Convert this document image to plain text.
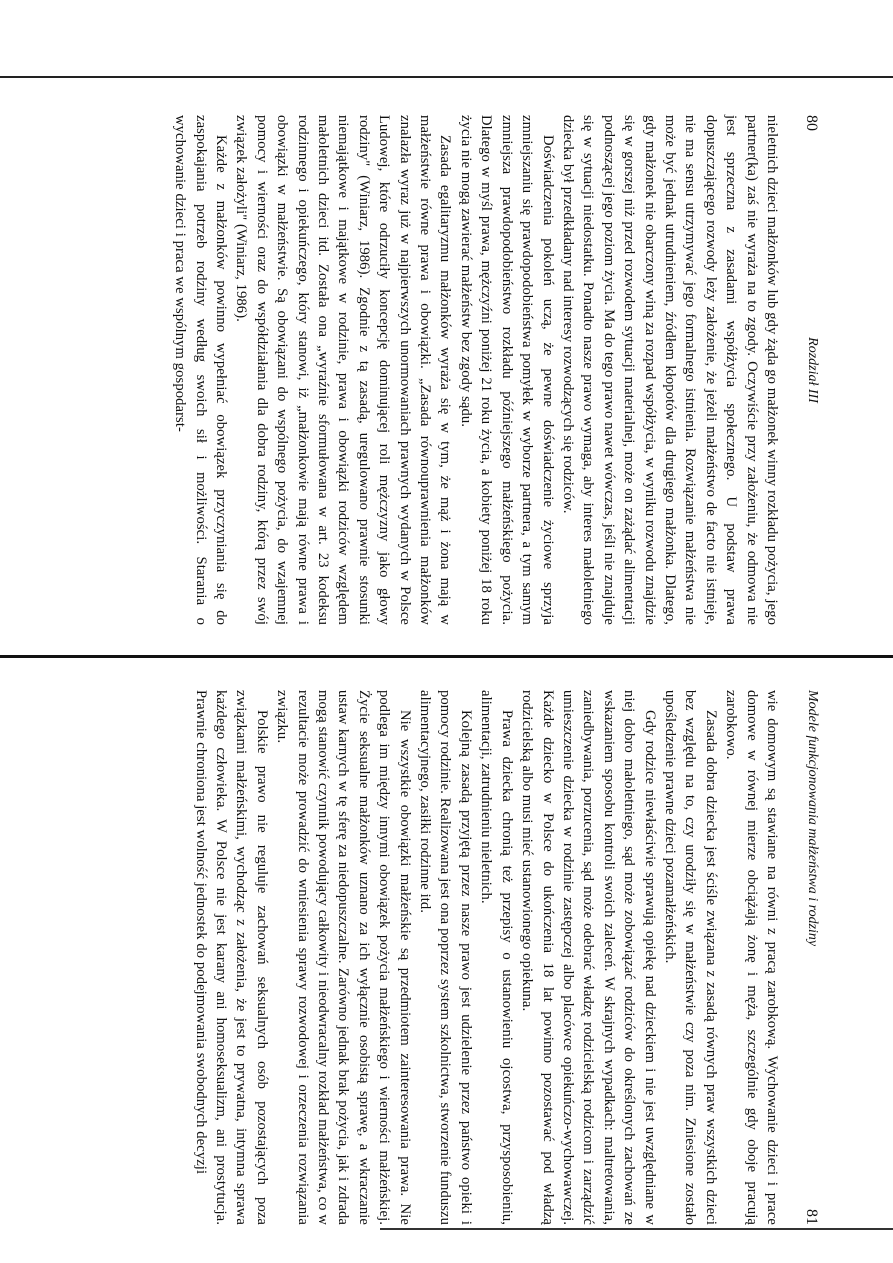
80
Rozdział III

nieletnich dzieci małżonków lub gdy żąda go małżonek winny rozkładu pożycia, jego partner(ka) zaś nie wyraża na to zgody. Oczywiście przy założeniu, że odmowa nie jest sprzeczna z zasadami współżycia społecznego. U podstaw prawa dopuszczającego rozwody leży założenie, że jeżeli małżeństwo de facto nie istnieje, nie ma sensu utrzymywać jego formalnego istnienia. Rozwiązanie małżeństwa nie może być jednak utrudnieniem, źródłem kłopotów dla drugiego małżonka. Dlatego, gdy małżonek nie obarczony winą za rozpad współżycia, w wyniku rozwodu znajdzie się w gorszej niż przed rozwodem sytuacji materialnej, może on zażądać alimentacji podnoszącej jego poziom życia. Ma do tego prawo nawet wówczas, jeśli nie znajduje się w sytuacji niedostatku. Ponadto nasze prawo wymaga, aby interes małoletniego dziecka był przedkładany nad interesy rozwodzących się rodziców.

Doświadczenia pokoleń uczą, że pewne doświadczenie życiowe sprzyja zmniejszaniu się prawdopodobieństwa pomyłek w wyborze partnera, a tym samym zmniejsza prawdopodobieństwo rozkładu późniejszego małżeńskiego pożycia. Dlatego w myśl prawa, mężczyźni poniżej 21 roku życia, a kobiety poniżej 18 roku życia nie mogą zawierać małżeństw bez zgody sądu.

Zasada egalitaryzmu małżonków wyraża się w tym, że mąż i żona mają w małżeństwie równe prawa i obowiązki. „Zasada równouprawnienia małżonków znalazła wyraz już w najpierwszych unormowaniach prawnych wydanych w Polsce Ludowej, które odrzuciły koncepcję dominującej roli mężczyzny jako głowy rodziny" (Winiarz, 1986). Zgodnie z tą zasadą, uregulowano prawnie stosunki niemajątkowe i majątkowe w rodzinie, prawa i obowiązki rodziców względem małoletnich dzieci itd. Została ona „wyraźnie sformułowana w art. 23 kodeksu rodzinnego i opiekuńczego, który stanowi, iż „małżonkowie mają równe prawa i obowiązki w małżeństwie. Są obowiązani do wspólnego pożycia, do wzajemnej pomocy i wierności oraz do współdziałania dla dobra rodziny, którą przez swój związek założyli" (Winiarz, 1986).

Każde z małżonków powinno wypełniać obowiązek przyczyniania się do zaspokajania potrzeb rodziny według swoich sił i możliwości. Starania o wychowanie dzieci i praca we wspólnym gospodarst-

Modele funkcjonowania małżeństwa i rodziny
81

wie domowym są stawiane na równi z pracą zarobkową. Wychowanie dzieci i prace domowe w równej mierze obciążają żonę i męża, szczególnie gdy oboje pracują zarobkowo.

Zasada dobra dziecka jest ściśle związana z zasadą równych praw wszystkich dzieci bez względu na to, czy urodziły się w małżeństwie czy poza nim. Zniesione zostało upośledzenie prawne dzieci pozamałżeńskich.

Gdy rodzice niewłaściwie sprawują opiekę nad dzieckiem i nie jest uwzględniane w niej dobro małoletniego, sąd może zobowiązać rodziców do określonych zachowań ze wskazaniem sposobu kontroli swoich zaleceń. W skrajnych wypadkach: maltretowania, zaniedbywania, porzucenia, sąd może odebrać władzę rodzicielską rodzicom i zarządzić umieszczenie dziecka w rodzinie zastępczej albo placówce opiekuńczo-wychowawczej. Każde dziecko w Polsce do ukończenia 18 lat powinno pozostawać pod władzą rodzicielską albo musi mieć ustanowionego opiekuna.

Prawa dziecka chronią też przepisy o ustanowieniu ojcostwa, przysposobieniu, alimentacji, zatrudnieniu nieletnich.

Kolejną zasadą przyjętą przez nasze prawo jest udzielenie przez państwo opieki i pomocy rodzinie. Realizowana jest ona poprzez system szkolnictwa, stworzenie funduszu alimentacyjnego, zasiłki rodzinne itd.

Nie wszystkie obowiązki małżeńskie są przedmiotem zainteresowania prawa. Nie podlega im między innymi obowiązek pożycia małżeńskiego i wierności małżeńskiej. Życie seksualne małżonków uznano za ich wyłącznie osobistą sprawę, a wkraczanie ustaw karnych w tę sferę za niedopuszczalne. Zarówno jednak brak pożycia, jak i zdrada mogą stanowić czynnik powodujący całkowity i nieodwracalny rozkład małżeństwa, co w rezultacie może prowadzić do wniesienia sprawy rozwodowej i orzeczenia rozwiązania związku.

Polskie prawo nie reguluje zachowań seksualnych osób pozostających poza związkami małżeńskimi, wychodząc z założenia, że jest to prywatna, intymna sprawa każdego człowieka. W Polsce nie jest karany ani homoseksualizm, ani prostytucja. Prawnie chroniona jest wolność jednostek do podejmowania swobodnych decyzji
